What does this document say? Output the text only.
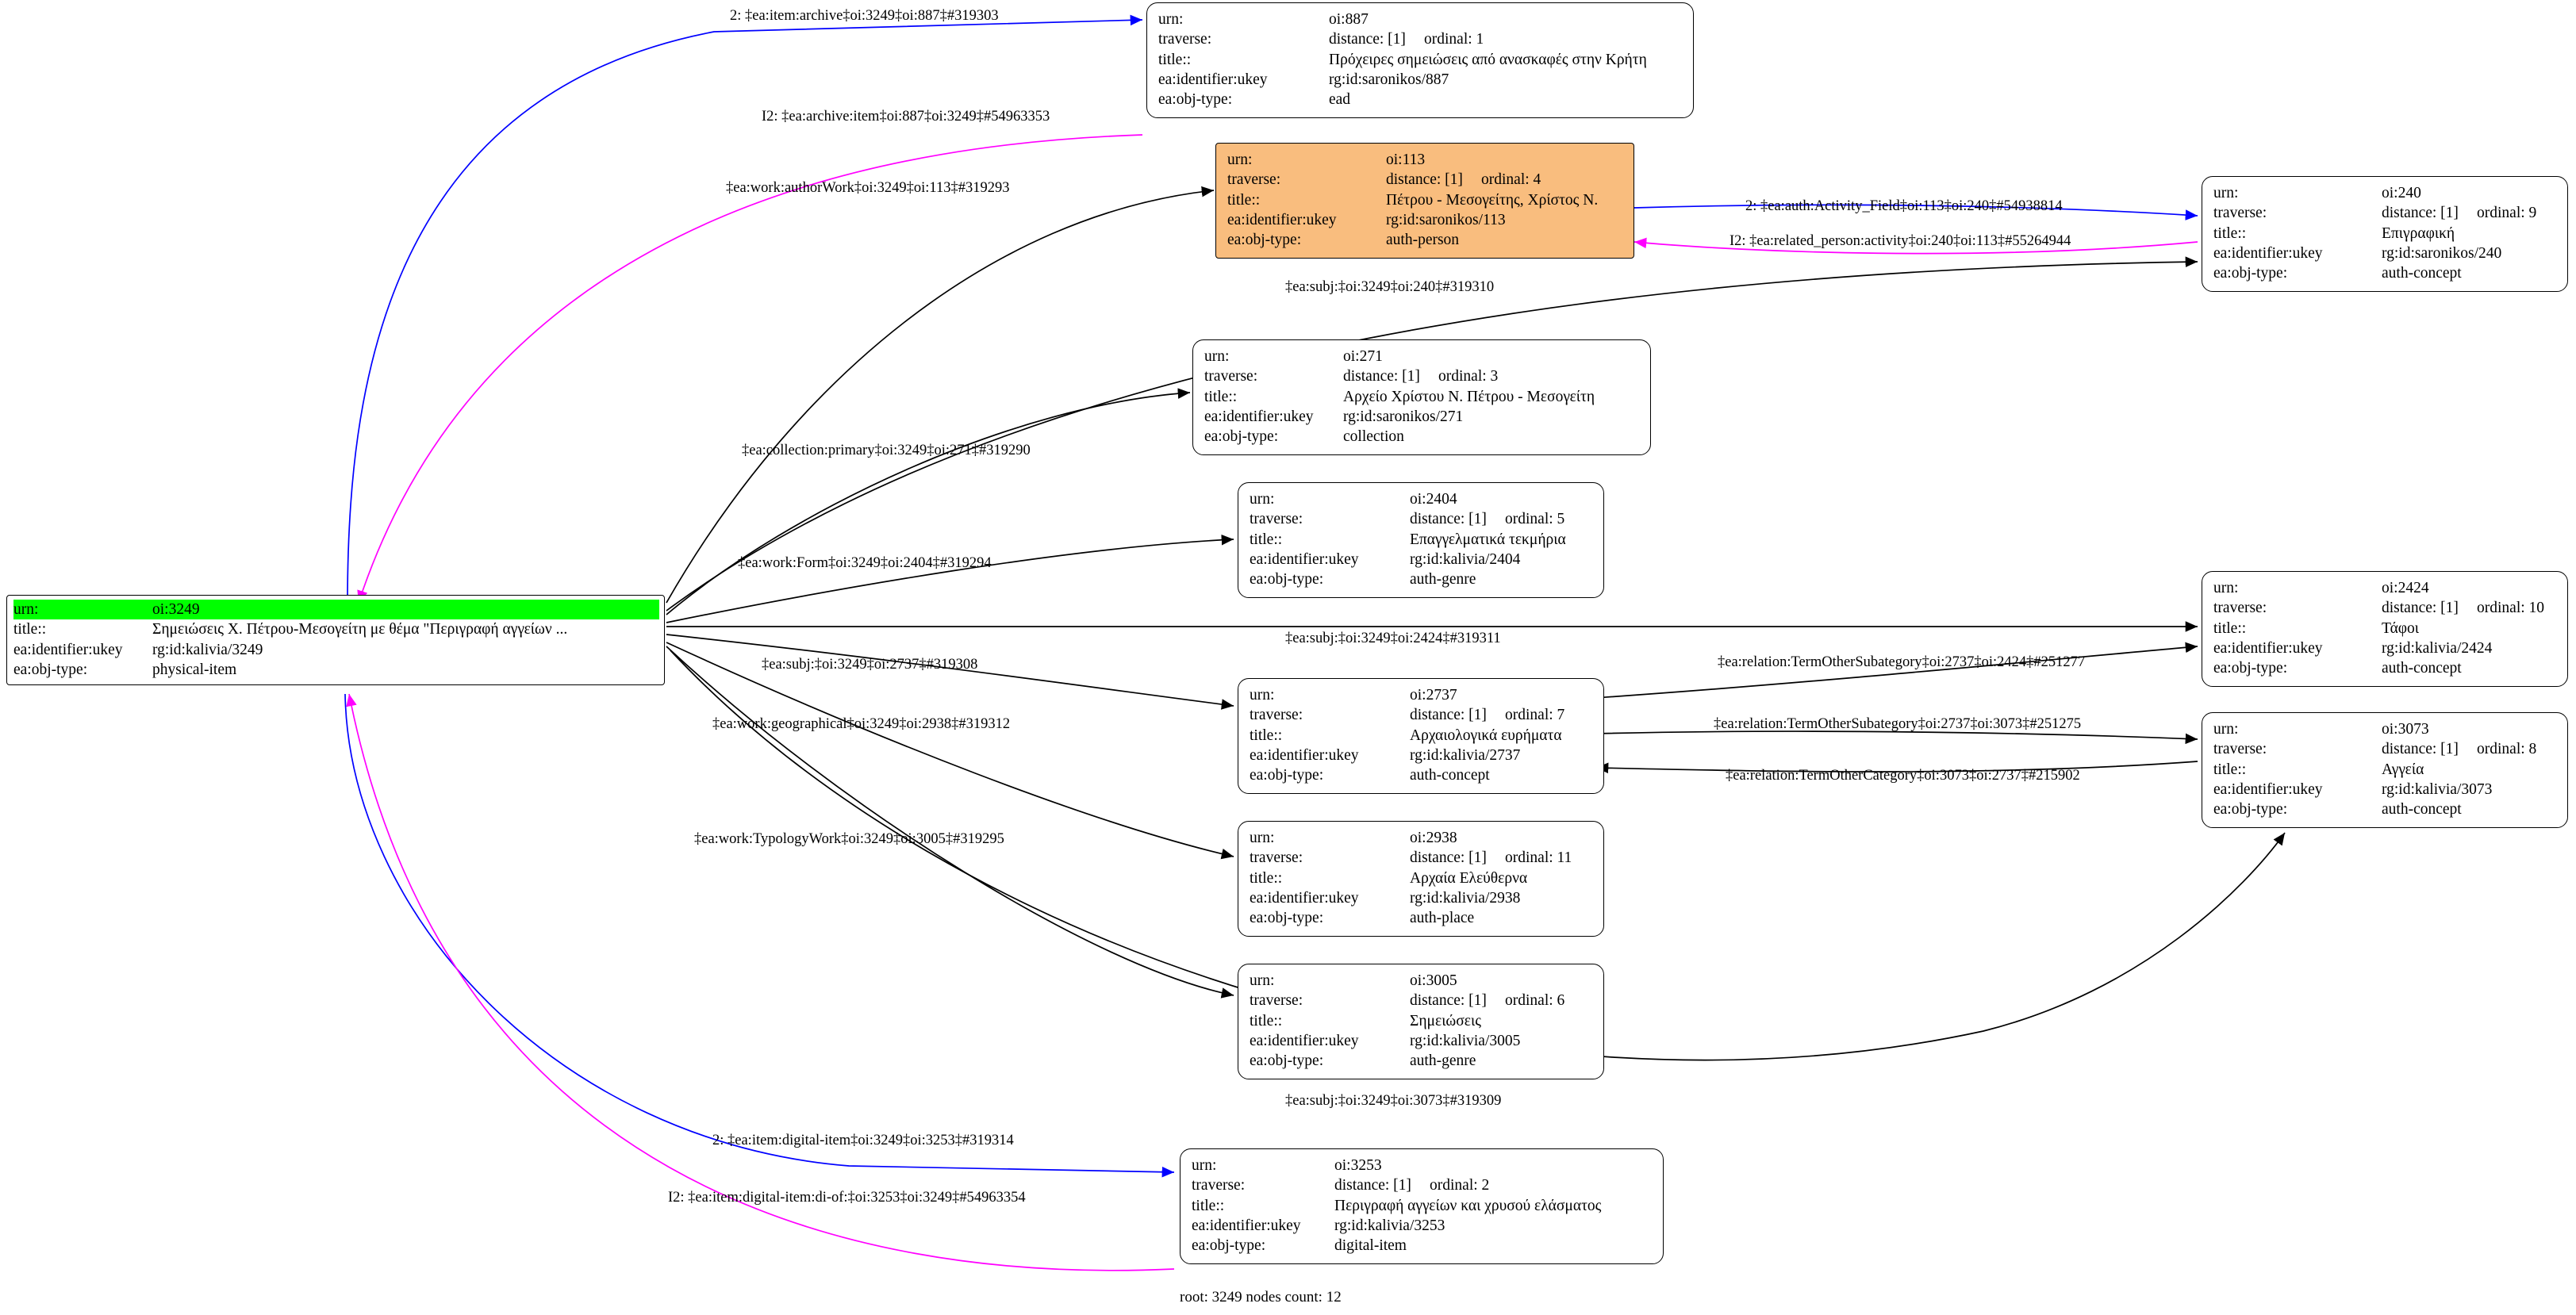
urn:	oi:3249
title::	Σημειώσεις Χ. Πέτρου-Μεσογείτη με θέμα "Περιγραφή αγγείων ...
ea:identifier:ukey	rg:id:kalivia/3249
ea:obj-type:	physical-item
urn:	oi:887
traverse:	distance: [1]	ordinal: 1
title::	Πρόχειρες σημειώσεις από ανασκαφές στην Κρήτη
ea:identifier:ukey	rg:id:saronikos/887
ea:obj-type:	ead
urn:	oi:113
traverse:	distance: [1]	ordinal: 4
title::	Πέτρου - Μεσογείτης, Χρίστος Ν.
ea:identifier:ukey	rg:id:saronikos/113
ea:obj-type:	auth-person
urn:	oi:240
traverse:	distance: [1]	ordinal: 9
title::	Επιγραφική
ea:identifier:ukey	rg:id:saronikos/240
ea:obj-type:	auth-concept
urn:	oi:271
traverse:	distance: [1]	ordinal: 3
title::	Αρχείο Χρίστου Ν. Πέτρου - Μεσογείτη
ea:identifier:ukey	rg:id:saronikos/271
ea:obj-type:	collection
urn:	oi:2404
traverse:	distance: [1]	ordinal: 5
title::	Επαγγελματικά τεκμήρια
ea:identifier:ukey	rg:id:kalivia/2404
ea:obj-type:	auth-genre
urn:	oi:2424
traverse:	distance: [1]	ordinal: 10
title::	Τάφοι
ea:identifier:ukey	rg:id:kalivia/2424
ea:obj-type:	auth-concept
urn:	oi:2737
traverse:	distance: [1]	ordinal: 7
title::	Αρχαιολογικά ευρήματα
ea:identifier:ukey	rg:id:kalivia/2737
ea:obj-type:	auth-concept
urn:	oi:3073
traverse:	distance: [1]	ordinal: 8
title::	Αγγεία
ea:identifier:ukey	rg:id:kalivia/3073
ea:obj-type:	auth-concept
urn:	oi:2938
traverse:	distance: [1]	ordinal: 11
title::	Αρχαία Ελεύθερνα
ea:identifier:ukey	rg:id:kalivia/2938
ea:obj-type:	auth-place
urn:	oi:3005
traverse:	distance: [1]	ordinal: 6
title::	Σημειώσεις
ea:identifier:ukey	rg:id:kalivia/3005
ea:obj-type:	auth-genre
urn:	oi:3253
traverse:	distance: [1]	ordinal: 2
title::	Περιγραφή αγγείων και χρυσού ελάσματος
ea:identifier:ukey	rg:id:kalivia/3253
ea:obj-type:	digital-item
2: ‡ea:item:archive‡oi:3249‡oi:887‡#319303
I2: ‡ea:archive:item‡oi:887‡oi:3249‡#54963353
‡ea:work:authorWork‡oi:3249‡oi:113‡#319293
2: ‡ea:auth:Activity_Field‡oi:113‡oi:240‡#54938814
I2: ‡ea:related_person:activity‡oi:240‡oi:113‡#55264944
‡ea:subj:‡oi:3249‡oi:240‡#319310
‡ea:collection:primary‡oi:3249‡oi:271‡#319290
‡ea:work:Form‡oi:3249‡oi:2404‡#319294
‡ea:subj:‡oi:3249‡oi:2424‡#319311
‡ea:relation:TermOtherSubategory‡oi:2737‡oi:2424‡#251277
‡ea:subj:‡oi:3249‡oi:2737‡#319308
‡ea:relation:TermOtherSubategory‡oi:2737‡oi:3073‡#251275
‡ea:work:geographical‡oi:3249‡oi:2938‡#319312
‡ea:relation:TermOtherCategory‡oi:3073‡oi:2737‡#215902
‡ea:work:TypologyWork‡oi:3249‡oi:3005‡#319295
‡ea:subj:‡oi:3249‡oi:3073‡#319309
2: ‡ea:item:digital-item‡oi:3249‡oi:3253‡#319314
I2: ‡ea:item:digital-item:di-of:‡oi:3253‡oi:3249‡#54963354
root: 3249 nodes count: 12
